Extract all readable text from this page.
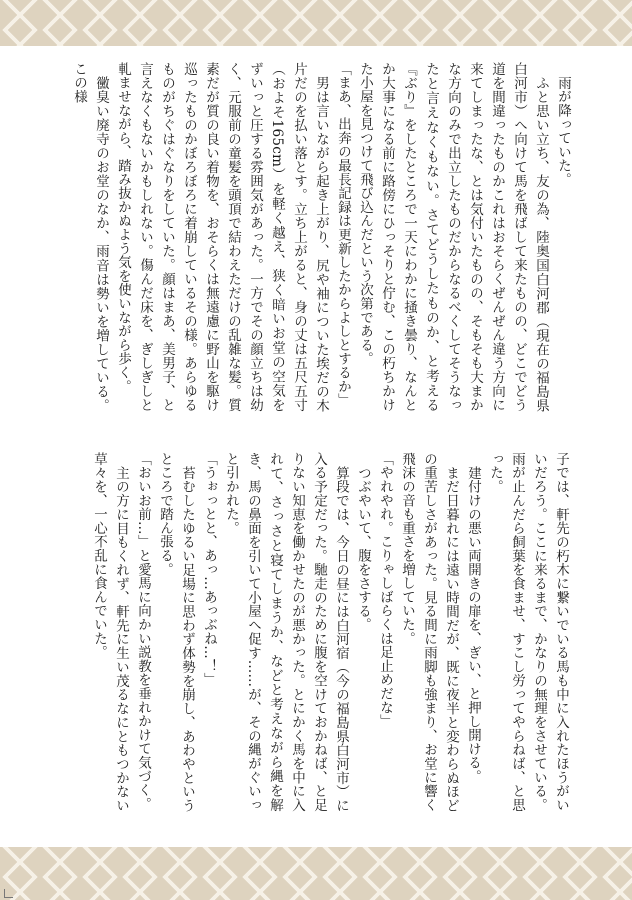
雨が降っていた。

ふと思い立ち、友の為、陸奥国白河郡（現在の福島県白河市）へ向けて馬を飛ばして来たものの、どこでどう道を間違ったものかこれはおそらくぜんぜん違う方向に来てしまったな、とは気付いたものの、そもそも大まかな方向のみで出立したものだからなるべくしてそうなったと言えなくもない。さてどうしたものか、と考える『ぶり』をしたところで一天にわかに掻き曇り、なんとか大事になる前に路傍にひっそりと佇む、この朽ちかけた小屋を見つけて飛び込んだという次第である。

「まあ、出奔の最長記録は更新したからよしとするか」

男は言いながら起き上がり、尻や袖についた埃だの木片だのを払い落とす。立ち上がると、身の丈は五尺五寸（およそ165cm）を軽く越え、狭く暗いお堂の空気をずいっと圧する雰囲気があった。一方でその顔立ちは幼く、元服前の童髪を頭頂で結わえただけの乱雑な髪。質素だが質の良い着物を、おそらくは無遠慮に野山を駆け巡ったものかぼろぼろに着崩しているその様。あらゆるものがちぐはぐなりをしていた。顔はまあ、美男子、と言えなくもないかもしれない。傷んだ床を、ぎしぎしと軋ませながら、踏み抜かぬよう気を使いながら歩く。

黴臭い廃寺のお堂のなか、雨音は勢いを増している。この様

子では、軒先の朽木に繋いでいる馬も中に入れたほうがいいだろう。ここに来るまで、かなりの無理をさせている。雨が止んだら飼葉を食ませ、すこし労ってやらねば、と思った。

建付けの悪い両開きの扉を、ぎい、と押し開ける。

まだ日暮れには遠い時間だが、既に夜半と変わらぬほどの重苦しさがあった。見る間に雨脚も強まり、お堂に響く飛沫の音も重さを増していた。

「やれやれ。こりゃしばらくは足止めだな」

つぶやいて、腹をさする。

算段では、今日の昼には白河宿（今の福島県白河市）に入る予定だった。馳走のために腹を空けておかねば、と足りない知恵を働かせたのが悪かった。とにかく馬を中に入れて、さっさと寝てしまうか、などと考えながら縄を解き、馬の鼻面を引いて小屋へ促す……が、その縄がぐいっと引かれた。

「うぉっとと、あっ…あっぶね…！」

苔むしたゆるい足場に思わず体勢を崩し、あわやというところで踏ん張る。

「おいお前…」と愛馬に向かい説教を垂れかけて気づく。

主の方に目もくれず、軒先に生い茂るなにともつかない草々を、一心不乱に食んでいた。
